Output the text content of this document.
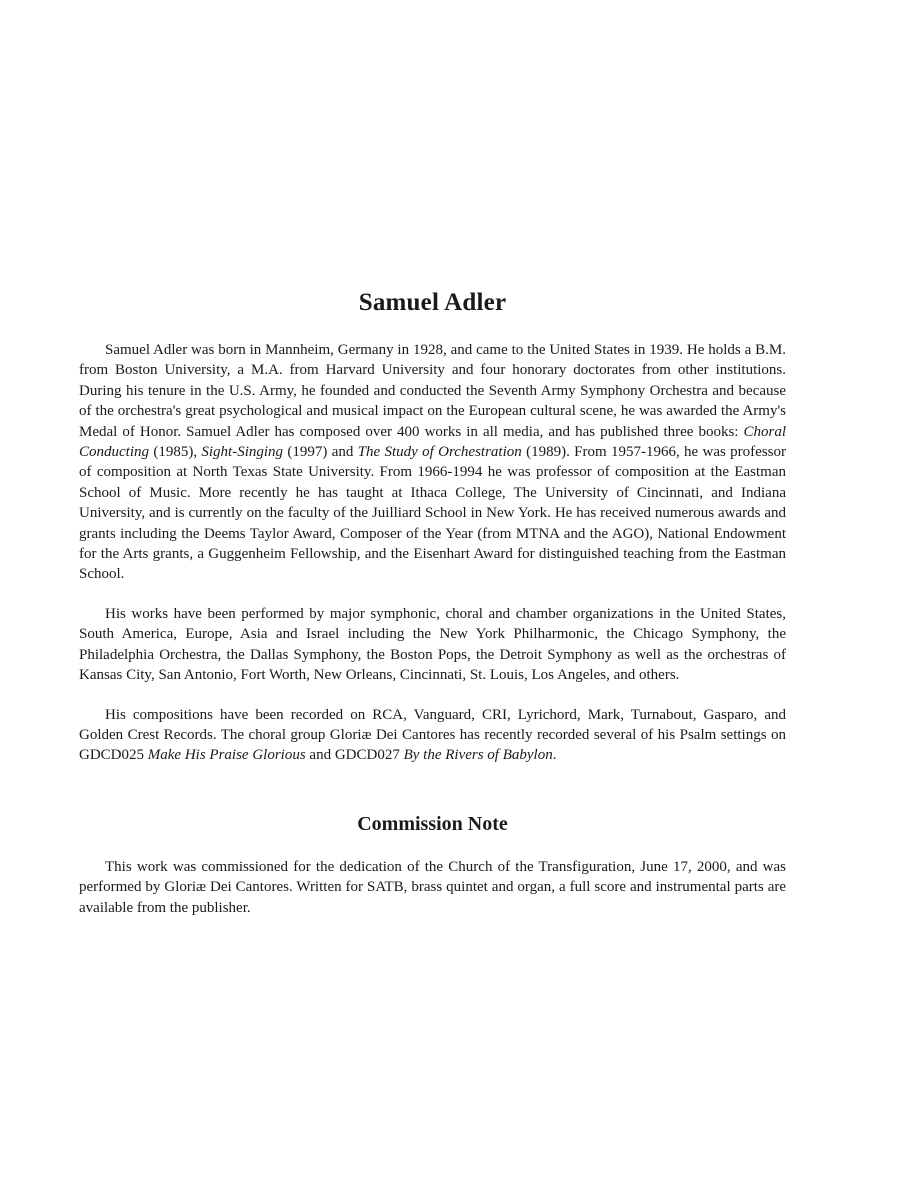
Samuel Adler

Samuel Adler was born in Mannheim, Germany in 1928, and came to the United States in 1939. He holds a B.M. from Boston University, a M.A. from Harvard University and four honorary doctorates from other institutions. During his tenure in the U.S. Army, he founded and conducted the Seventh Army Symphony Orchestra and because of the orchestra's great psychological and musical impact on the European cultural scene, he was awarded the Army's Medal of Honor. Samuel Adler has composed over 400 works in all media, and has published three books: Choral Conducting (1985), Sight-Singing (1997) and The Study of Orchestration (1989). From 1957-1966, he was professor of composition at North Texas State University. From 1966-1994 he was professor of composition at the Eastman School of Music. More recently he has taught at Ithaca College, The University of Cincinnati, and Indiana University, and is currently on the faculty of the Juilliard School in New York. He has received numerous awards and grants including the Deems Taylor Award, Composer of the Year (from MTNA and the AGO), National Endowment for the Arts grants, a Guggenheim Fellowship, and the Eisenhart Award for distinguished teaching from the Eastman School.

His works have been performed by major symphonic, choral and chamber organizations in the United States, South America, Europe, Asia and Israel including the New York Philharmonic, the Chicago Symphony, the Philadelphia Orchestra, the Dallas Symphony, the Boston Pops, the Detroit Symphony as well as the orchestras of Kansas City, San Antonio, Fort Worth, New Orleans, Cincinnati, St. Louis, Los Angeles, and others.

His compositions have been recorded on RCA, Vanguard, CRI, Lyrichord, Mark, Turnabout, Gasparo, and Golden Crest Records. The choral group Gloriæ Dei Cantores has recently recorded several of his Psalm settings on GDCD025 Make His Praise Glorious and GDCD027 By the Rivers of Babylon.

Commission Note

This work was commissioned for the dedication of the Church of the Transfiguration, June 17, 2000, and was performed by Gloriæ Dei Cantores. Written for SATB, brass quintet and organ, a full score and instrumental parts are available from the publisher.
